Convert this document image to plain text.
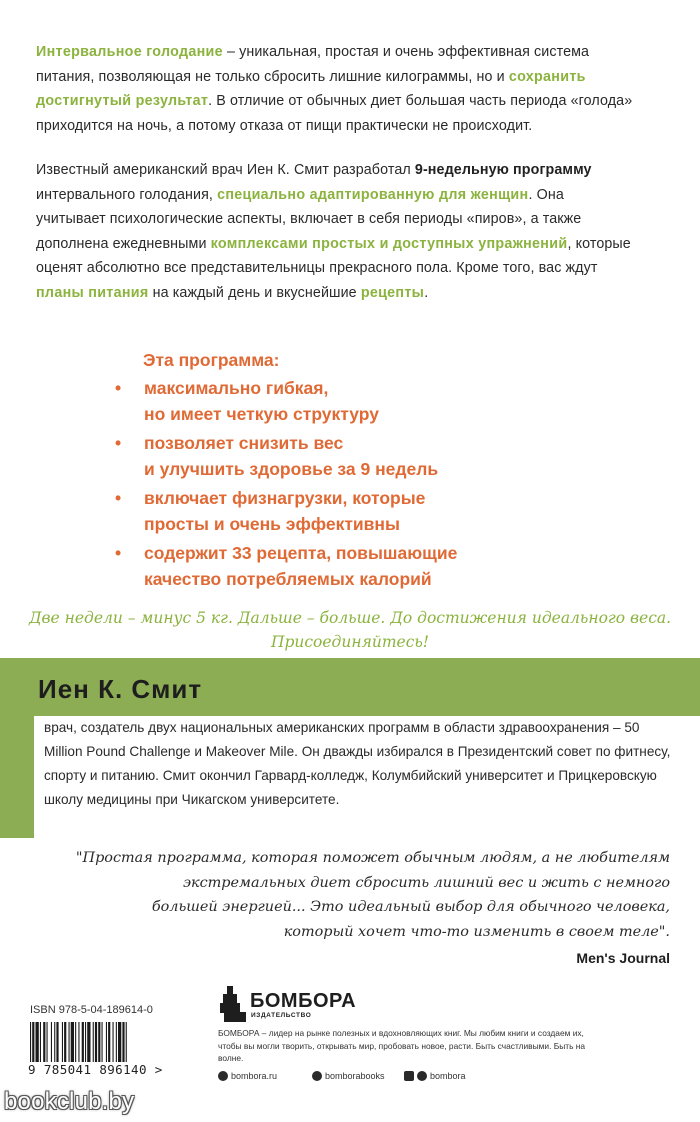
Интервальное голодание – уникальная, простая и очень эффективная система питания, позволяющая не только сбросить лишние килограммы, но и сохранить достигнутый результат. В отличие от обычных диет большая часть периода «голода» приходится на ночь, а потому отказа от пищи практически не происходит.

Известный американский врач Иен К. Смит разработал 9-недельную программу интервального голодания, специально адаптированную для женщин. Она учитывает психологические аспекты, включает в себя периоды «пиров», а также дополнена ежедневными комплексами простых и доступных упражнений, которые оценят абсолютно все представительницы прекрасного пола. Кроме того, вас ждут планы питания на каждый день и вкуснейшие рецепты.

Эта программа:
• максимально гибкая,
но имеет четкую структуру
• позволяет снизить вес
и улучшить здоровье за 9 недель
• включает физнагрузки, которые
просты и очень эффективны
• содержит 33 рецепта, повышающие
качество потребляемых калорий
Две недели – минус 5 кг. Дальше – больше. До достижения идеального веса.
Присоединяйтесь!
Иен К. Смит
врач, создатель двух национальных американских программ в области здравоохранения – 50 Million Pound Challenge и Makeover Mile. Он дважды избирался в Президентский совет по фитнесу, спорту и питанию. Смит окончил Гарвард-колледж, Колумбийский университет и Прицкеровскую школу медицины при Чикагском университете.
"Простая программа, которая поможет обычным людям, а не любителям
экстремальных диет сбросить лишний вес и жить с немного
большей энергией... Это идеальный выбор для обычного человека,
который хочет что-то изменить в своем теле".
Men's Journal
ISBN 978-5-04-189614-0
9 785041 896140 >
БОМБОРА
ИЗДАТЕЛЬСТВО
БОМБОРА – лидер на рынке полезных и вдохновляющих книг. Мы любим книги и создаем их, чтобы вы могли творить, открывать мир, пробовать новое, расти. Быть счастливыми. Быть на волне.
bombora.ru	bomborabooks	bombora
bookclub.by
